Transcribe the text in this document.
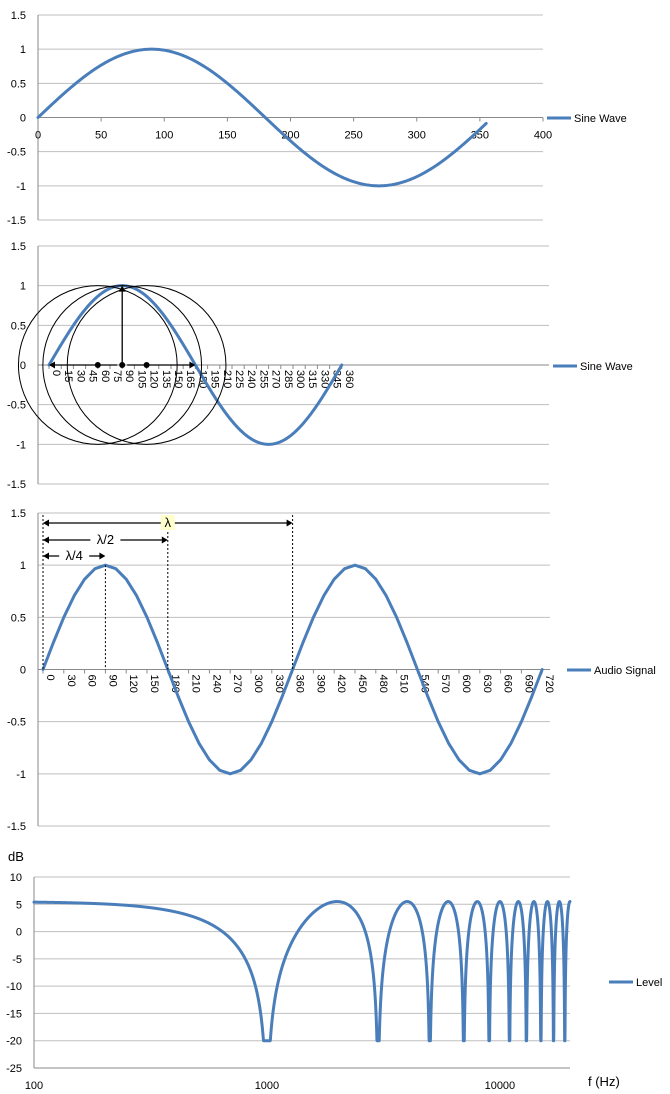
1.5
1
0.5
0
-0.5
-1
-1.5
0	50	100	150	200	250	300	350	400
Sine Wave
1.5
1
0.5
0
-0.5
-1
-1.5
0 15 30 45 60 75 90 105 120 135 150 165 180 195 210 225 240 255 270 285 300 315 330 345 360
Sine Wave
1.5
1
0.5
0
-0.5
-1
-1.5
0 30 60 90 120 150 180 210 240 270 300 330 360 390 420 450 480 510 540 570 600 630 660 690 720
λ
λ/2
λ/4
Audio Signal
10
5
0
-5
-10
-15
-20
-25
100	1000	10000
dB
f (Hz)
Level
